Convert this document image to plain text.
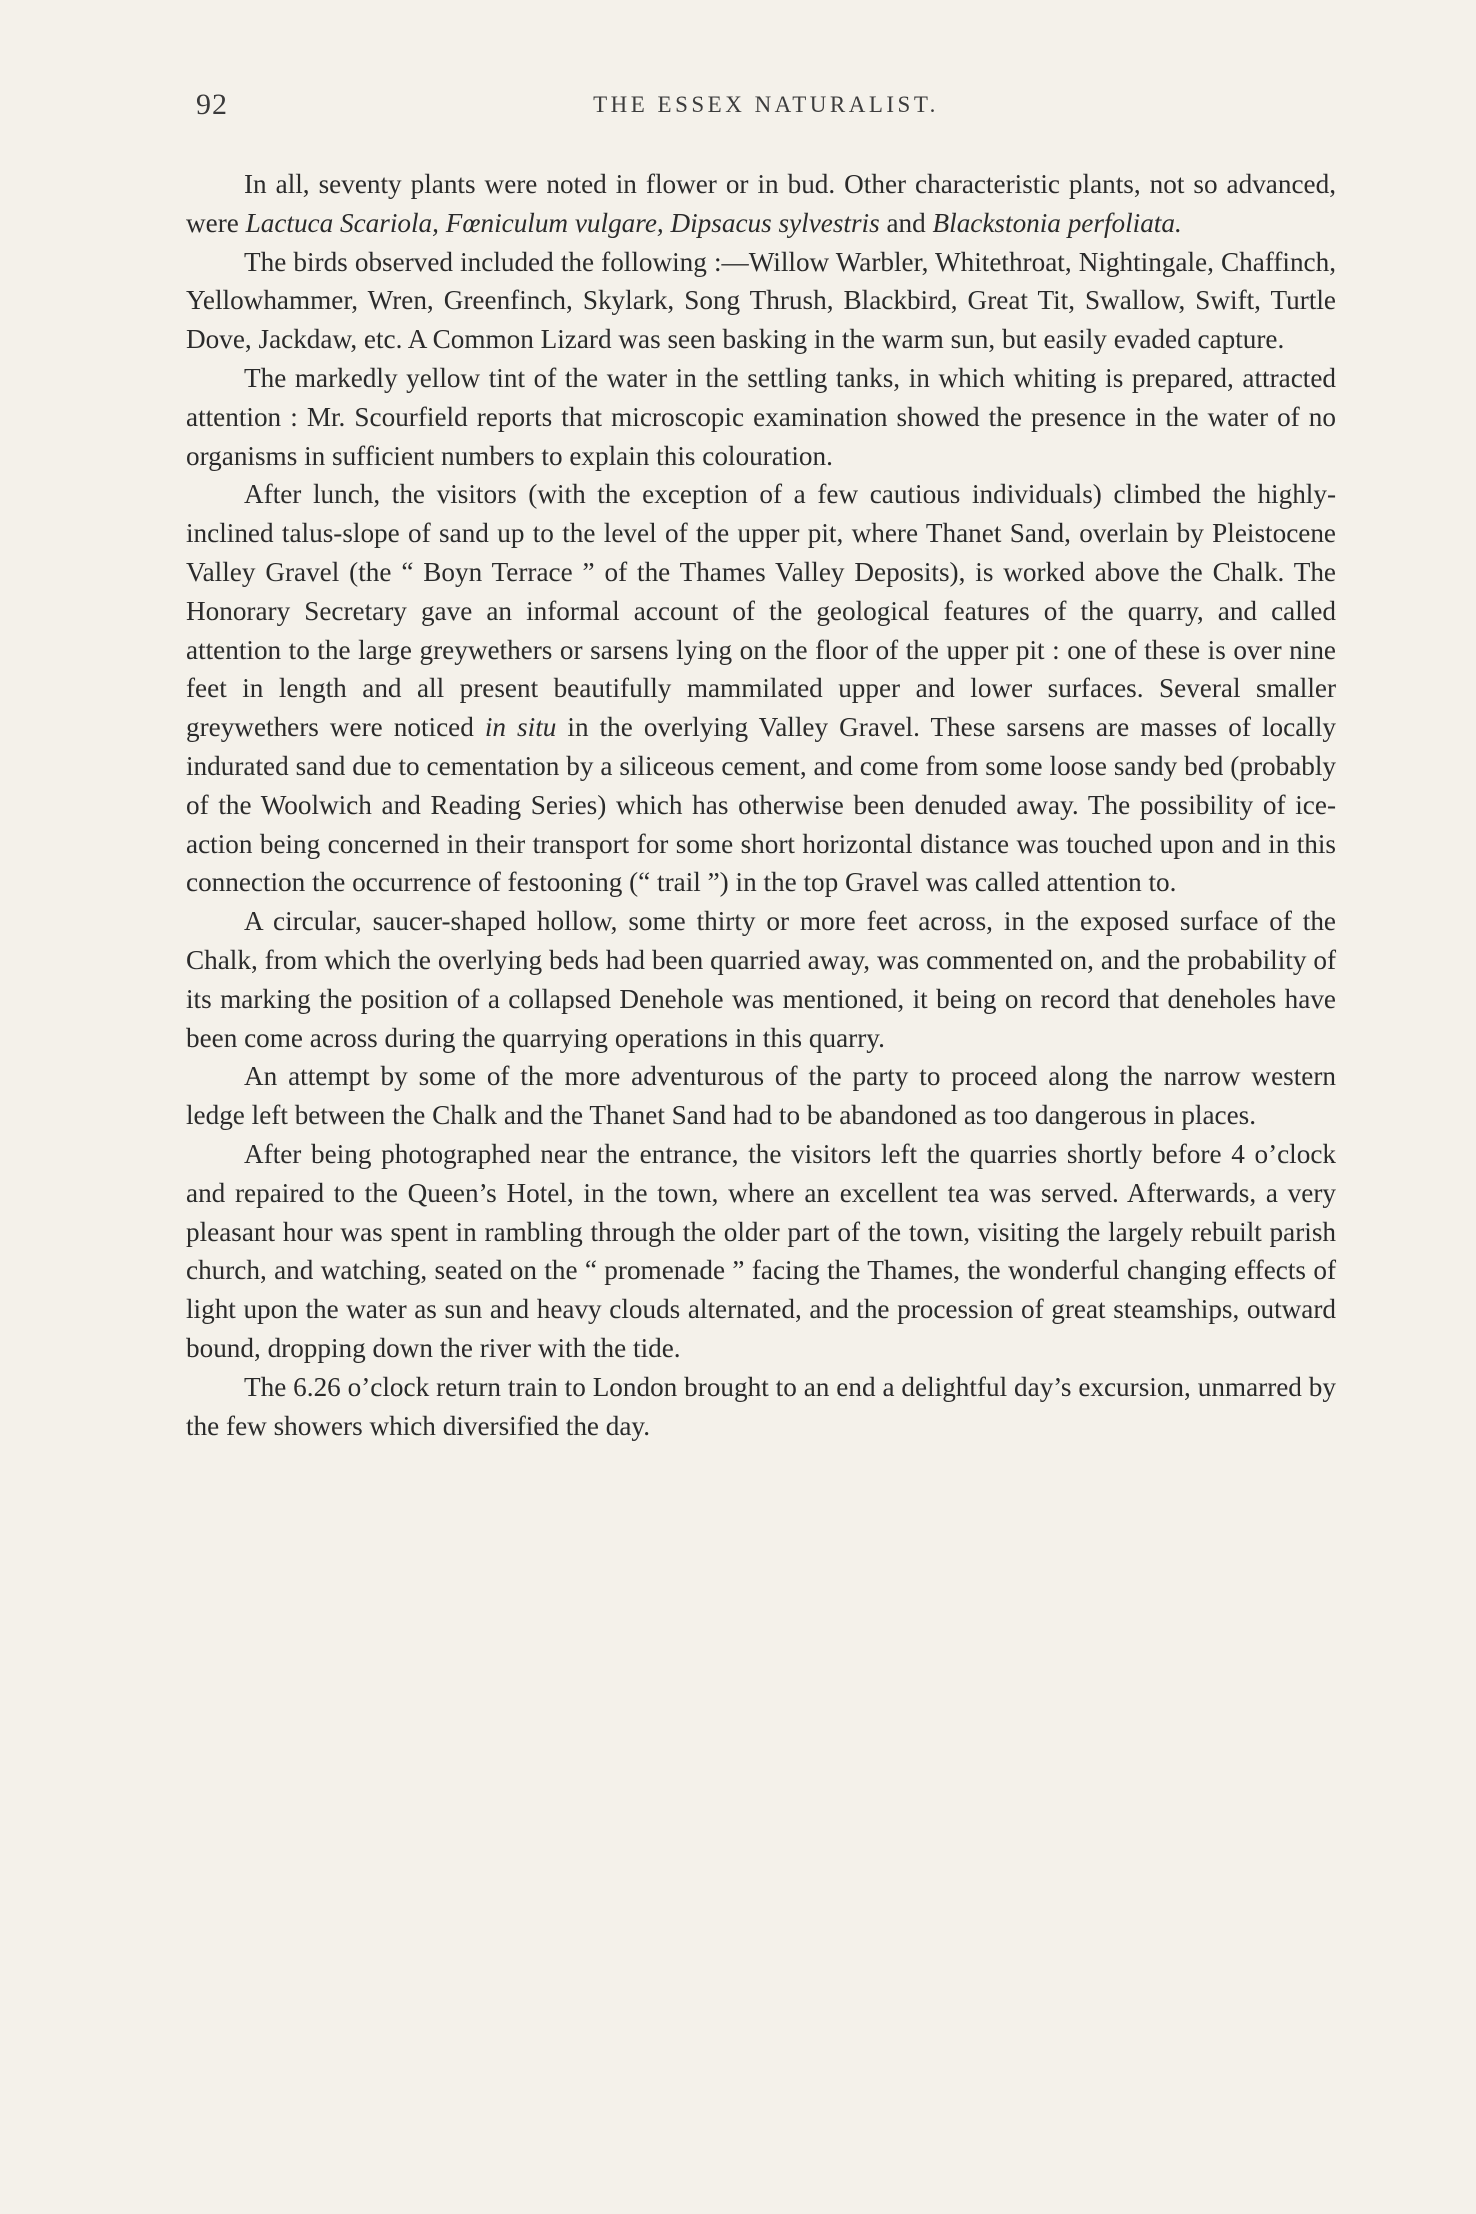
92	THE ESSEX NATURALIST.

In all, seventy plants were noted in flower or in bud. Other characteristic plants, not so advanced, were Lactuca Scariola, Fœniculum vulgare, Dipsacus sylvestris and Blackstonia perfoliata.

The birds observed included the following :—Willow Warbler, Whitethroat, Nightingale, Chaffinch, Yellowhammer, Wren, Greenfinch, Skylark, Song Thrush, Blackbird, Great Tit, Swallow, Swift, Turtle Dove, Jackdaw, etc. A Common Lizard was seen basking in the warm sun, but easily evaded capture.

The markedly yellow tint of the water in the settling tanks, in which whiting is prepared, attracted attention : Mr. Scourfield reports that microscopic examination showed the presence in the water of no organisms in sufficient numbers to explain this colouration.

After lunch, the visitors (with the exception of a few cautious individuals) climbed the highly-inclined talus-slope of sand up to the level of the upper pit, where Thanet Sand, overlain by Pleistocene Valley Gravel (the “ Boyn Terrace ” of the Thames Valley Deposits), is worked above the Chalk. The Honorary Secretary gave an informal account of the geological features of the quarry, and called attention to the large greywethers or sarsens lying on the floor of the upper pit : one of these is over nine feet in length and all present beautifully mammilated upper and lower surfaces. Several smaller greywethers were noticed in situ in the overlying Valley Gravel. These sarsens are masses of locally indurated sand due to cementation by a siliceous cement, and come from some loose sandy bed (probably of the Woolwich and Reading Series) which has otherwise been denuded away. The possibility of ice-action being concerned in their transport for some short horizontal distance was touched upon and in this connection the occurrence of festooning (“ trail ”) in the top Gravel was called attention to.

A circular, saucer-shaped hollow, some thirty or more feet across, in the exposed surface of the Chalk, from which the overlying beds had been quarried away, was commented on, and the probability of its marking the position of a collapsed Denehole was mentioned, it being on record that deneholes have been come across during the quarrying operations in this quarry.

An attempt by some of the more adventurous of the party to proceed along the narrow western ledge left between the Chalk and the Thanet Sand had to be abandoned as too dangerous in places.

After being photographed near the entrance, the visitors left the quarries shortly before 4 o’clock and repaired to the Queen’s Hotel, in the town, where an excellent tea was served. Afterwards, a very pleasant hour was spent in rambling through the older part of the town, visiting the largely rebuilt parish church, and watching, seated on the “ promenade ” facing the Thames, the wonderful changing effects of light upon the water as sun and heavy clouds alternated, and the procession of great steamships, outward bound, dropping down the river with the tide.

The 6.26 o’clock return train to London brought to an end a delightful day’s excursion, unmarred by the few showers which diversified the day.
